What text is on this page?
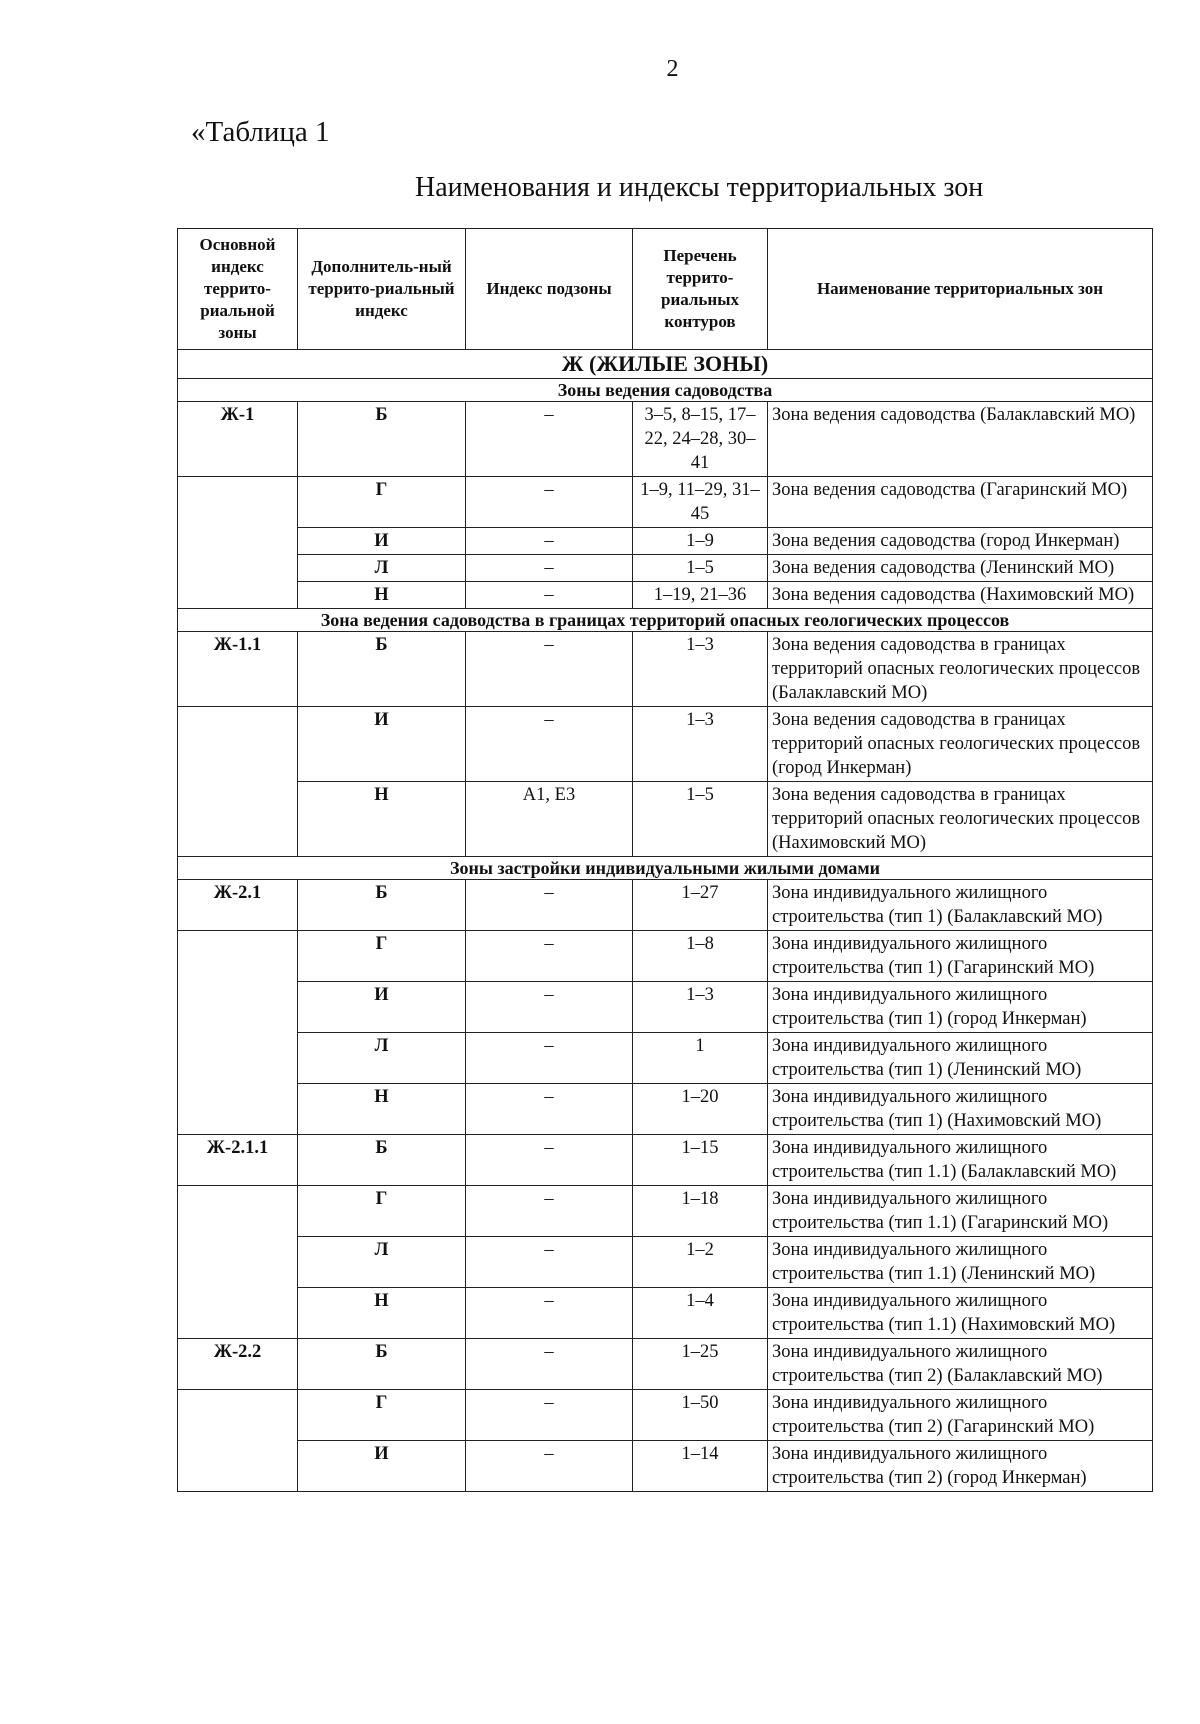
2
«Таблица 1
Наименования и индексы территориальных зон
Основной индекс террито-риальной зоны	Дополнитель-ный террито-риальный индекс	Индекс подзоны	Перечень террито-риальных контуров	Наименование территориальных зон
Ж (ЖИЛЫЕ ЗОНЫ)				
Зоны ведения садоводства				
Ж-1	Б	–	3–5, 8–15, 17–22, 24–28, 30–41	Зона ведения садоводства (Балаклавский МО)
	Г	–	1–9, 11–29, 31–45	Зона ведения садоводства (Гагаринский МО)
	И	–	1–9	Зона ведения садоводства (город Инкерман)
	Л	–	1–5	Зона ведения садоводства (Ленинский МО)
	Н	–	1–19, 21–36	Зона ведения садоводства (Нахимовский МО)
Зона ведения садоводства в границах территорий опасных геологических процессов				
Ж-1.1	Б	–	1–3	Зона ведения садоводства в границах территорий опасных геологических процессов (Балаклавский МО)
	И	–	1–3	Зона ведения садоводства в границах территорий опасных геологических процессов (город Инкерман)
	Н	А1, Е3	1–5	Зона ведения садоводства в границах территорий опасных геологических процессов (Нахимовский МО)
Зоны застройки индивидуальными жилыми домами				
Ж-2.1	Б	–	1–27	Зона индивидуального жилищного строительства (тип 1) (Балаклавский МО)
	Г	–	1–8	Зона индивидуального жилищного строительства (тип 1) (Гагаринский МО)
	И	–	1–3	Зона индивидуального жилищного строительства (тип 1) (город Инкерман)
	Л	–	1	Зона индивидуального жилищного строительства (тип 1) (Ленинский МО)
	Н	–	1–20	Зона индивидуального жилищного строительства (тип 1) (Нахимовский МО)
Ж-2.1.1	Б	–	1–15	Зона индивидуального жилищного строительства (тип 1.1) (Балаклавский МО)
	Г	–	1–18	Зона индивидуального жилищного строительства (тип 1.1) (Гагаринский МО)
	Л	–	1–2	Зона индивидуального жилищного строительства (тип 1.1) (Ленинский МО)
	Н	–	1–4	Зона индивидуального жилищного строительства (тип 1.1) (Нахимовский МО)
Ж-2.2	Б	–	1–25	Зона индивидуального жилищного строительства (тип 2) (Балаклавский МО)
	Г	–	1–50	Зона индивидуального жилищного строительства (тип 2) (Гагаринский МО)
	И	–	1–14	Зона индивидуального жилищного строительства (тип 2) (город Инкерман)
